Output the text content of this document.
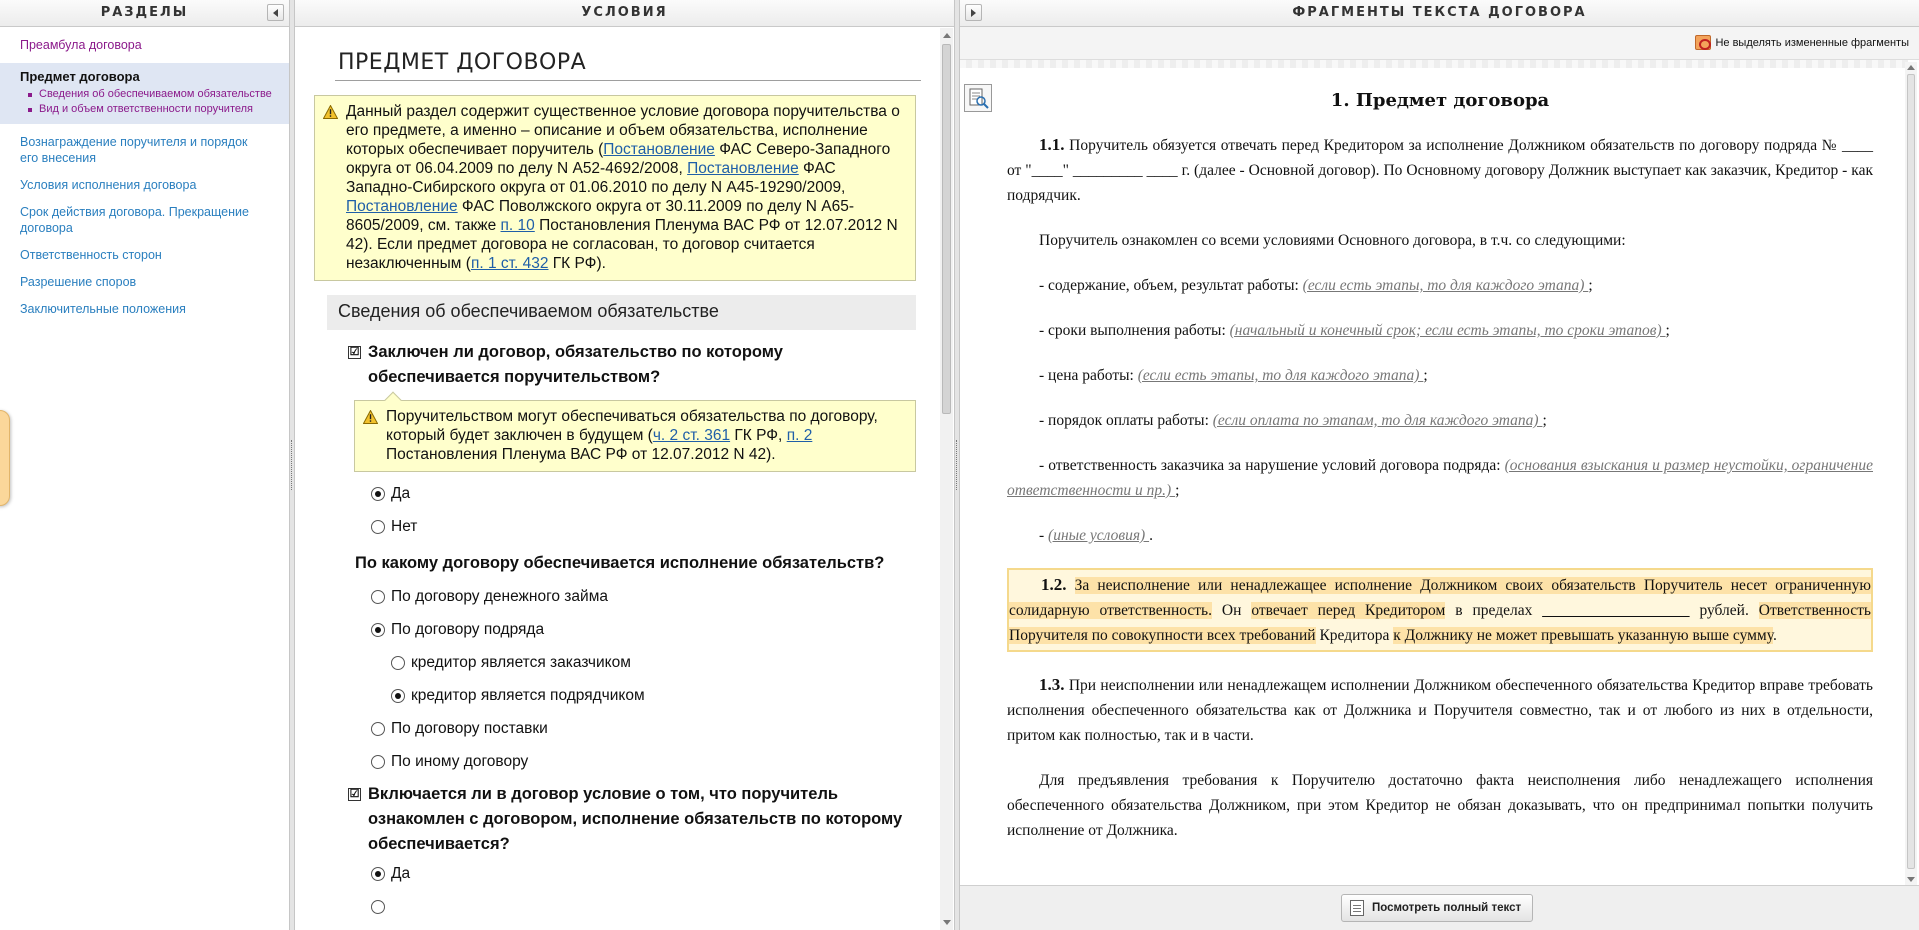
РАЗДЕЛЫ
Преамбула договора
Предмет договора
Сведения об обеспечиваемом обязательстве
Вид и объем ответственности поручителя
Вознаграждение поручителя и порядок его внесения
Условия исполнения договора
Срок действия договора. Прекращение договора
Ответственность сторон
Разрешение споров
Заключительные положения
УСЛОВИЯ
ПРЕДМЕТ ДОГОВОРА
Данный раздел содержит существенное условие договора поручительства о его предмете, а именно – описание и объем обязательства, исполнение которых обеспечивает поручитель (Постановление ФАС Северо-Западного округа от 06.04.2009 по делу N А52-4692/2008, Постановление ФАС Западно-Сибирского округа от 01.06.2010 по делу N А45-19290/2009, Постановление ФАС Поволжского округа от 30.11.2009 по делу N А65-8605/2009, см. также п. 10 Постановления Пленума ВАС РФ от 12.07.2012 N 42). Если предмет договора не согласован, то договор считается незаключенным (п. 1 ст. 432 ГК РФ).
Сведения об обеспечиваемом обязательстве
☑ Заключен ли договор, обязательство по которому обеспечивается поручительством?
Поручительством могут обеспечиваться обязательства по договору, который будет заключен в будущем (ч. 2 ст. 361 ГК РФ, п. 2 Постановления Пленума ВАС РФ от 12.07.2012 N 42).
Да
Нет
По какому договору обеспечивается исполнение обязательств?
По договору денежного займа
По договору подряда
кредитор является заказчиком
кредитор является подрядчиком
По договору поставки
По иному договору
☑ Включается ли в договор условие о том, что поручитель ознакомлен с договором, исполнение обязательств по которому обеспечивается?
Да
ФРАГМЕНТЫ ТЕКСТА ДОГОВОРА
Не выделять измененные фрагменты
1. Предмет договора

1.1. Поручитель обязуется отвечать перед Кредитором за исполнение Должником обязательств по договору подряда № ____ от "____" _________ ____ г. (далее - Основной договор). По Основному договору Должник выступает как заказчик, Кредитор - как подрядчик.

Поручитель ознакомлен со всеми условиями Основного договора, в т.ч. со следующими:

- содержание, объем, результат работы: (если есть этапы, то для каждого этапа) ;

- сроки выполнения работы: (начальный и конечный срок; если есть этапы, то сроки этапов) ;

- цена работы: (если есть этапы, то для каждого этапа) ;

- порядок оплаты работы: (если оплата по этапам, то для каждого этапа) ;

- ответственность заказчика за нарушение условий договора подряда: (основания взыскания и размер неустойки, ограничение ответственности и пр.) ;

- (иные условия) .

1.2. За неисполнение или ненадлежащее исполнение Должником своих обязательств Поручитель несет ограниченную солидарную ответственность. Он отвечает перед Кредитором в пределах ___________________ рублей. Ответственность Поручителя по совокупности всех требований Кредитора к Должнику не может превышать указанную выше сумму.

1.3. При неисполнении или ненадлежащем исполнении Должником обеспеченного обязательства Кредитор вправе требовать исполнения обеспеченного обязательства как от Должника и Поручителя совместно, так и от любого из них в отдельности, притом как полностью, так и в части.

Для предъявления требования к Поручителю достаточно факта неисполнения либо ненадлежащего исполнения обеспеченного обязательства Должником, при этом Кредитор не обязан доказывать, что он предпринимал попытки получить исполнение от Должника.

Посмотреть полный текст
